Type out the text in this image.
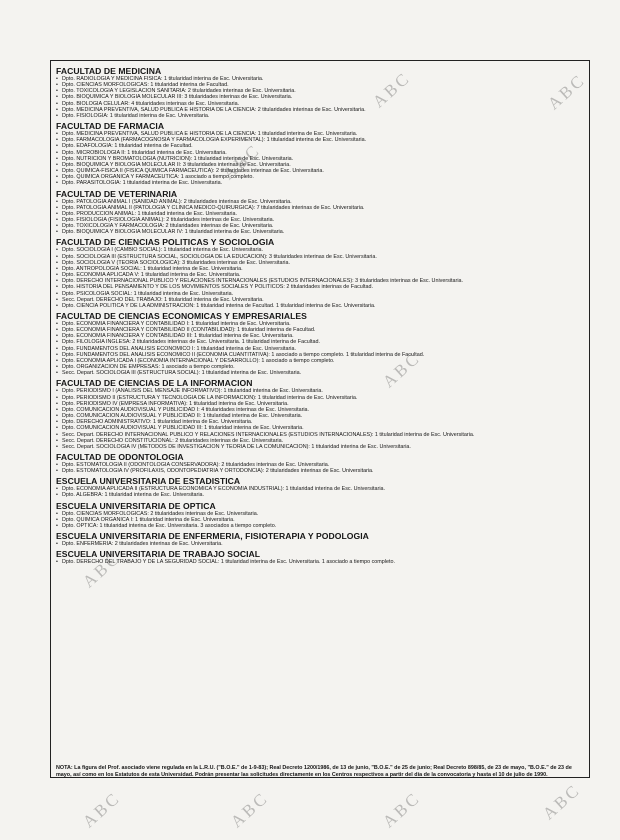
FACULTAD DE MEDICINA
• Dpto. RADIOLOGIA Y MEDICINA FISICA: 1 titularidad interina de Esc. Universitaria.
• Dpto. CIENCIAS MORFOLOGICAS: 1 titularidad interina de Facultad.
• Dpto. TOXICOLOGIA Y LEGISLACION SANITARIA: 2 titularidades interinas de Esc. Universitaria.
• Dpto. BIOQUIMICA Y BIOLOGIA MOLECULAR III: 3 titularidades interinas de Esc. Universitaria.
• Dpto. BIOLOGIA CELULAR: 4 titularidades interinas de Esc. Universitaria.
• Dpto. MEDICINA PREVENTIVA, SALUD PUBLICA E HISTORIA DE LA CIENCIA: 2 titularidades interinas de Esc. Universitaria.
• Dpto. FISIOLOGIA: 1 titularidad interina de Esc. Universitaria.
FACULTAD DE FARMACIA
• Dpto. MEDICINA PREVENTIVA, SALUD PUBLICA E HISTORIA DE LA CIENCIA: 1 titularidad interina de Esc. Universitaria.
• Dpto. FARMACOLOGIA (FARMACOGNOSIA Y FARMACOLOGIA EXPERIMENTAL): 1 titularidad interina de Esc. Universitaria.
• Dpto. EDAFOLOGIA: 1 titularidad interina de Facultad.
• Dpto. MICROBIOLOGIA II: 1 titularidad interina de Esc. Universitaria.
• Dpto. NUTRICION Y BROMATOLOGIA (NUTRICION): 1 titularidad interina de Esc. Universitaria.
• Dpto. BIOQUIMICA Y BIOLOGIA MOLECULAR II: 3 titularidades interinas de Esc. Universitaria.
• Dpto. QUIMICA-FISICA II (FISICA QUIMICA FARMACEUTICA): 2 titularidades interinas de Esc. Universitaria.
• Dpto. QUIMICA ORGANICA Y FARMACEUTICA: 1 asociado a tiempo completo.
• Dpto. PARASITOLOGIA: 1 titularidad interina de Esc. Universitaria.
FACULTAD DE VETERINARIA
• Dpto. PATOLOGIA ANIMAL I (SANIDAD ANIMAL): 2 titularidades interinas de Esc. Universitaria.
• Dpto. PATOLOGIA ANIMAL II (PATOLOGIA Y CLINICA MEDICO-QUIRURGICA): 7 titularidades interinas de Esc. Universitaria.
• Dpto. PRODUCCION ANIMAL: 1 titularidad interina de Esc. Universitaria.
• Dpto. FISIOLOGIA (FISIOLOGIA ANIMAL): 2 titularidades interinas de Esc. Universitaria.
• Dpto. TOXICOLOGIA Y FARMACOLOGIA: 2 titularidades interinas de Esc. Universitaria.
• Dpto. BIOQUIMICA Y BIOLOGIA MOLECULAR IV: 1 titularidad interina de Esc. Universitaria.
FACULTAD DE CIENCIAS POLITICAS Y SOCIOLOGIA
• Dpto. SOCIOLOGIA I (CAMBIO SOCIAL): 1 titularidad interina de Esc. Universitaria.
• Dpto. SOCIOLOGIA III (ESTRUCTURA SOCIAL, SOCIOLOGIA DE LA EDUCACION): 3 titularidades interinas de Esc. Universitaria.
• Dpto. SOCIOLOGIA V (TEORIA SOCIOLOGICA): 3 titularidades interinas de Esc. Universitaria.
• Dpto. ANTROPOLOGIA SOCIAL: 1 titularidad interina de Esc. Universitaria.
• Dpto. ECONOMIA APLICADA V: 1 titularidad interina de Esc. Universitaria.
• Dpto. DERECHO INTERNACIONAL PUBLICO Y RELACIONES INTERNACIONALES (ESTUDIOS INTERNACIONALES): 3 titularidades interinas de Esc. Universitaria.
• Dpto. HISTORIA DEL PENSAMIENTO Y DE LOS MOVIMIENTOS SOCIALES Y POLITICOS: 2 titularidades interinas de Facultad.
• Dpto. PSICOLOGIA SOCIAL: 1 titularidad interina de Esc. Universitaria.
• Secc. Depart. DERECHO DEL TRABAJO: 1 titularidad interina de Esc. Universitaria.
• Dpto. CIENCIA POLITICA Y DE LA ADMINISTRACION: 1 titularidad interina de Facultad. 1 titularidad interina de Esc. Universitaria.
FACULTAD DE CIENCIAS ECONOMICAS Y EMPRESARIALES
• Dpto. ECONOMIA FINANCIERA Y CONTABILIDAD I: 1 titularidad interina de Esc. Universitaria.
• Dpto. ECONOMIA FINANCIERA Y CONTABILIDAD II (CONTABILIDAD): 1 titularidad interina de Facultad.
• Dpto. ECONOMIA FINANCIERA Y CONTABILIDAD III: 1 titularidad interina de Esc. Universitaria.
• Dpto. FILOLOGIA INGLESA: 2 titularidades interinas de Esc. Universitaria. 1 titularidad interina de Facultad.
• Dpto. FUNDAMENTOS DEL ANALISIS ECONOMICO I: 1 titularidad interina de Esc. Universitaria.
• Dpto. FUNDAMENTOS DEL ANALISIS ECONOMICO II (ECONOMIA CUANTITATIVA): 1 asociado a tiempo completo. 1 titularidad interina de Facultad.
• Dpto. ECONOMIA APLICADA I (ECONOMIA INTERNACIONAL Y DESARROLLO): 1 asociado a tiempo completo.
• Dpto. ORGANIZACION DE EMPRESAS: 1 asociado a tiempo completo.
• Secc. Depart. SOCIOLOGIA III (ESTRUCTURA SOCIAL): 1 titularidad interina de Esc. Universitaria.
FACULTAD DE CIENCIAS DE LA INFORMACION
• Dpto. PERIODISMO I (ANALISIS DEL MENSAJE INFORMATIVO): 1 titularidad interina de Esc. Universitaria.
• Dpto. PERIODISMO II (ESTRUCTURA Y TECNOLOGIA DE LA INFORMACION): 1 titularidad interina de Esc. Universitaria.
• Dpto. PERIODISMO IV (EMPRESA INFORMATIVA): 1 titularidad interina de Esc. Universitaria.
• Dpto. COMUNICACION AUDIOVISUAL Y PUBLICIDAD I: 4 titularidades interinas de Esc. Universitaria.
• Dpto. COMUNICACION AUDIOVISUAL Y PUBLICIDAD II: 1 titularidad interina de Esc. Universitaria.
• Dpto. DERECHO ADMINISTRATIVO: 1 titularidad interina de Esc. Universitaria.
• Dpto. COMUNICACION AUDIOVISUAL Y PUBLICIDAD III: 1 titularidad interina de Esc. Universitaria.
• Secc. Depart. DERECHO INTERNACIONAL PUBLICO Y RELACIONES INTERNACIONALES (ESTUDIOS INTERNACIONALES): 1 titularidad interina de Esc. Universitaria.
• Secc. Depart. DERECHO CONSTITUCIONAL: 2 titularidades interinas de Esc. Universitaria.
• Secc. Depart. SOCIOLOGIA IV (METODOS DE INVESTIGACION Y TEORIA DE LA COMUNICACION): 1 titularidad interina de Esc. Universitaria.
FACULTAD DE ODONTOLOGIA
• Dpto. ESTOMATOLOGIA II (ODONTOLOGIA CONSERVADORA): 2 titularidades interinas de Esc. Universitaria.
• Dpto. ESTOMATOLOGIA IV (PROFILAXIS, ODONTOPEDIATRIA Y ORTODONCIA): 2 titularidades interinas de Esc. Universitaria.
ESCUELA UNIVERSITARIA DE ESTADISTICA
• Dpto. ECONOMIA APLICADA II (ESTRUCTURA ECONOMICA Y ECONOMIA INDUSTRIAL): 1 titularidad interina de Esc. Universitaria.
• Dpto. ALGEBRA: 1 titularidad interina de Esc. Universitaria.
ESCUELA UNIVERSITARIA DE OPTICA
• Dpto. CIENCIAS MORFOLOGICAS: 2 titularidades interinas de Esc. Universitaria.
• Dpto. QUIMICA ORGANICA I: 1 titularidad interina de Esc. Universitaria.
• Dpto. OPTICA: 1 titularidad interina de Esc. Universitaria. 3 asociados a tiempo completo.
ESCUELA UNIVERSITARIA DE ENFERMERIA, FISIOTERAPIA Y PODOLOGIA
• Dpto. ENFERMERIA: 2 titularidades interinas de Esc. Universitaria.
ESCUELA UNIVERSITARIA DE TRABAJO SOCIAL
• Dpto. DERECHO DEL TRABAJO Y DE LA SEGURIDAD SOCIAL: 1 titularidad interina de Esc. Universitaria. 1 asociado a tiempo completo.
NOTA: La figura del Prof. asociado viene regulada en la L.R.U. ("B.O.E." de 1-9-83); Real Decreto 1200/1986, de 13 de junio, "B.O.E." de 25 de junio; Real Decreto 898/85, de 23 de mayo, "B.O.E." de 23 de mayo, así como en los Estatutos de esta Universidad. Podrán presentar las solicitudes directamente en los Centros respectivos a partir del día de la convocatoria y hasta el 10 de julio de 1990.
ABC	ABC	ABC	ABC
ABC	ABC
ABC
ABC
ABC
